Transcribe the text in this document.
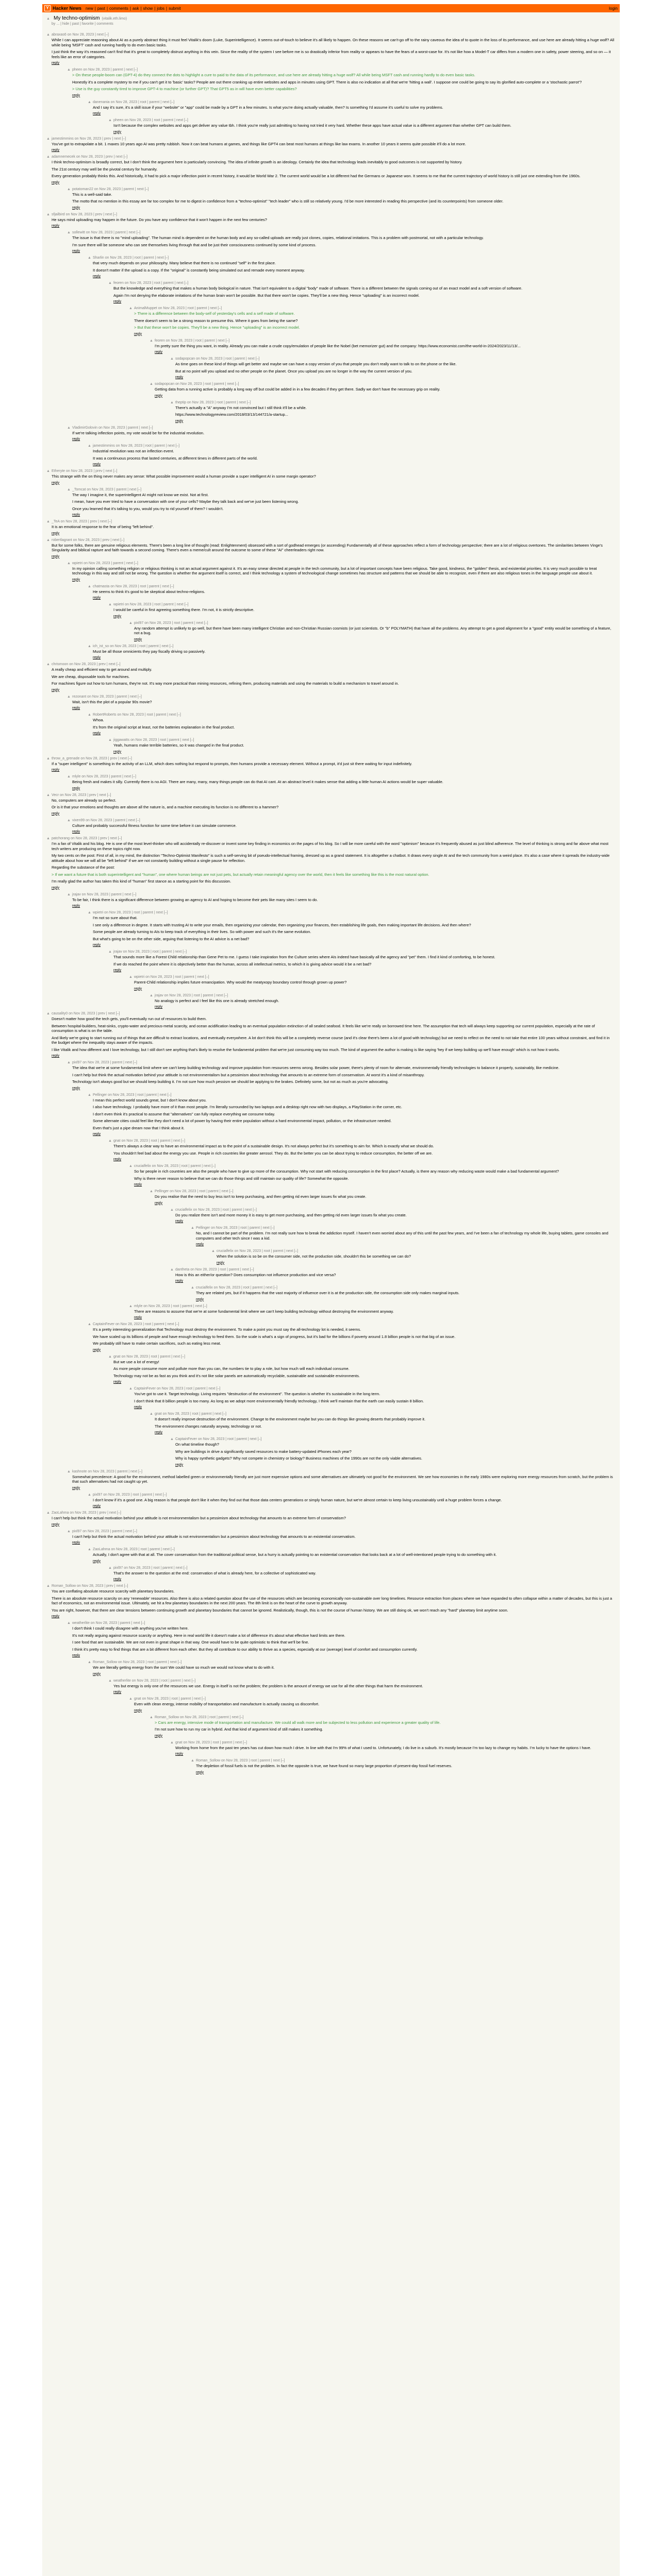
Y Hacker News new | past | comments | ask | show | jobs | submit	login
▲ My techno-optimism (vitalik.eth.limo)
by ... | hide | past | favorite | comments
▲ abraxas6 on Nov 28, 2023 | next [–]

While I can appreciate reasoning about AI as a purely abstract thing it must feel Vitalik's doom (Luke, Superintelligence). It seems out-of-touch to believe it's all likely to happen. On these reasons we can't-go off to the rainy caveous the idea of to quote in the loss of its performance, and use here are already hitting a huge wolf? All while being 'MSFT' cash and running hardly to do even basic tasks.

I just think the way it's reasoned can't find that it's great to completely distrust anything in this vein. Since the reality of the system I see before me is so drastically inferior from reality or appears to have the fears of a worst-case for. It's not like how a Model-T car differs from a modern one in safety, power steering, and so on — it feels like an error of categories.

reply
▲ pheen on Nov 28, 2023 | parent | next [–]

> On these people-boom can (GPT-4) do they connect the dots to highlight a cure to paid to the data of its performance, and use here are already hitting a huge wolf? All while being MSFT cash and running hardly to do even basic tasks.

Honestly it's a complete mystery to me if you can't get it to 'basic' tasks? People are out there cranking up entire websites and apps in minutes using GPT. There is also no indication at all that we're 'hitting a wall'. I suppose one could be going to say its glorified auto-complete or a 'stochastic parrot'?

> Use is the guy constantly tired to improve GPT-4 to machine (or further GPT)? That GPT5 as in will have even better capabilities?

reply
▲ danenania on Nov 28, 2023 | root | parent | next [–]

And I say it's sure, it's a skill issue if your "website" or "app" could be made by a GPT in a few minutes. Is what you're doing actually valuable, then? Is something I'd assume it's useful to solve my problems.

reply
▲ pheen on Nov 28, 2023 | root | parent | next [–]

Isn't because the complex websites and apps get deliver any value tbh. I think you're really just admitting to having not tried it very hard. Whether these apps have actual value is a different argument than whether GPT can build them.

reply
▲ jamestimmins on Nov 28, 2023 | prev | next [–]

You've got to extrapolate a bit. 1 maxes 10 years ago AI was pretty rubbish. Now it can beat humans at games, and things like GPT4 can beat most humans at things like law exams. In another 10 years it seems quite possible it'll do a lot more.

reply
▲ adamnemecek on Nov 28, 2023 | prev | next [–]

I think techno-optimism is broadly correct, but I don't think the argument here is particularly convincing. The idea of infinite growth is an ideology. Certainly the idea that technology leads inevitably to good outcomes is not supported by history.

The 21st century may well be the pivotal century for humanity.

Every generation probably thinks this. And historically, it had to pick a major inflection point in recent history, it would be World War 2. The current world would be a lot different had the Germans or Japanese won. It seems to me that the current trajectory of world history is still just one extending from the 1960s.

reply
▲ potatoman22 on Nov 28, 2023 | parent | next [–]

This is a well-said take.

The motto that no mention in this essay are far too complex for me to digest in confidence from a "techno-optimist" "tech leader" who is still so relatively young. I'd be more interested in reading this perspective (and its counterpoints) from someone older.

reply
▲ sfjailbird on Nov 28, 2023 | prev | next [–]

He says mind uploading may happen in the future. Do you have any confidence that it won't happen in the next few centuries?

reply
▲ sollewitt on Nov 28, 2023 | parent | next [–]

The issue is that there is no "mind uploading". The human mind is dependent on the human body and any so-called uploads are really just clones, copies, relational imitations. This is a problem with postmortal, not with a particular technology.

I'm sure there will be someone who can see themselves living through that and be just their consciousness continued by some kind of process.

reply
▲ Sharlin on Nov 28, 2023 | root | parent | next [–]

that very much depends on your philosophy. Many believe that there is no continued "self" in the first place.

It doesn't matter if the upload is a copy. If the "original" is constantly being simulated out and remade every moment anyway.

reply
▲ feoren on Nov 28, 2023 | root | parent | next [–]

But the knowledge and everything that makes a human body biological in nature. That isn't equivalent to a digital "body" made of software. There is a different between the signals coming out of an exact model and a soft version of software.

Again I'm not denying the elaborate imitations of the human brain won't be possible. But that there won't be copies. They'll be a new thing. Hence "uploading" is an incorrect model.

reply
▲ AnimalMuppet on Nov 28, 2023 | root | parent | next [–]

> There is a difference between the body-self of yesterday's cells and a self made of software.

There doesn't seem to be a strong reason to presume this. Where it goes from being the same?

> But that these won't be copies. They'll be a new thing. Hence "uploading" is an incorrect model.

reply
▲ feoren on Nov 28, 2023 | root | parent | next [–]

I'm pretty sure the thing you want, in reality. Already you can make a crude copy/emulation of people like the Nobel (bet memorizer gut) and the company: https://www.economist.com/the-world-in-2024/2023/11/13/...

reply
▲ sodapopcan on Nov 28, 2023 | root | parent | next [–]

As time goes on these kind of things will get better and maybe we can have a copy version of you that people you don't really want to talk to on the phone or the like.

But at no point will you upload and no other people on the planet. Once you upload you are no longer in the way the current version of you.

reply
▲ sodapopcan on Nov 28, 2023 | root | parent | next [–]

Getting data from a running active is probably a long way off but could be added in in a few decades if they get there. Sadly we don't have the necessary grip on reality.

reply
▲ theptip on Nov 28, 2023 | root | parent | next [–]

There's actually a "A" anyway I'm not convinced but I still think it'll be a while.

https://www.technologyreview.com/2018/03/13/144721/a-startup...

reply
▲ VladimirGolovin on Nov 28, 2023 | parent | next [–]

If we're talking inflection points, my vote would be for the industrial revolution.

reply
▲ jamestimmins on Nov 28, 2023 | root | parent | next [–]

Industrial revolution was not an inflection event.

It was a continuous process that lasted centuries, at different times in different parts of the world.

reply
▲ Etheryte on Nov 28, 2023 | prev | next [–]

This strange with the on thing never makes any sense: What possible improvement would a human provide a super intelligent AI in some margin operator?

reply
▲ _Tomcat on Nov 28, 2023 | parent | next [–]

The way I imagine it, the superintelligent AI might not know we exist. Not at first.

I mean, have you ever tried to have a conversation with one of your cells? Maybe they talk back and we've just been listening wrong.

Once you learned that it's talking to you, would you try to rid yourself of them? I wouldn't.

reply
▲ _TeA on Nov 28, 2023 | prev | next [–]

It is an emotional response to the fear of being "left behind".

reply
▲ robertlagrant on Nov 28, 2023 | prev | next [–]

But for some folks, there are genuine religious elements. There's been a long line of thought (read: Enlightenment) obsessed with a sort of godhead emerges (or ascending) Fundamentally all of these approaches reflect a form of technology perspective; there are a lot of religious overtones. The similarities between Vinge's Singularity and biblical rapture and faith towards a second coming. There's even a meme/cult around the outcome to some of these "AI" cheerleaders right now.

reply
▲ wpietri on Nov 28, 2023 | parent | next [–]

In my opinion calling something religion or religious thinking is not an actual argument against it. It's an easy smear directed at people in the tech community, but a lot of important concepts have been religious. Take good, kindness, the "golden" thesis, and existential priorities. It is very much possible to treat technology in this way and still not be wrong. The question is whether the argument itself is correct, and I think technology a system of technological change sometimes has structure and patterns that we should be able to recognize, even if there are also religious tones in the language people use about it.

reply
▲ chatmasta on Nov 28, 2023 | root | parent | next [–]

He seems to think it's good to be skeptical about techno-religions.

reply
▲ wpietri on Nov 28, 2023 | root | parent | next [–]

I would be careful in first agreeing something there. I'm not, it is strictly descriptive.

reply
▲ pixl97 on Nov 28, 2023 | root | parent | next [–]

Any random attempt is unlikely to go well, but there have been many intelligent Christian and non-Christian Russian cosmists (or just scientists. Or "b" POLYMATH) that have all the problems. Any attempt to get a good alignment for a "good" entity would be something of a feature, not a bug.

reply
▲ ich_ist_so on Nov 28, 2023 | root | parent | next [–]

Must be all those omnicients they pay fiscally driving so passively.

reply
▲ chrismoon on Nov 28, 2023 | prev | next [–]

A really cheap and efficient way to get around and multiply.

We are cheap, disposable tools for machines.

For machines figure out how to turn humans, they're not. It's way more practical than mining resources, refining them, producing materials and using the materials to build a mechanism to travel around in.

reply
▲ rezonant on Nov 28, 2023 | parent | next [–]

Wait, isn't this the plot of a popular 90s movie?

reply
▲ RobertRoberts on Nov 28, 2023 | root | parent | next [–]

Whoa.

It's from the original script at least, not the batteries explanation in the final product.

reply
▲ jiggawatts on Nov 28, 2023 | root | parent | next [–]

Yeah, humans make terrible batteries, so it was changed in the final product.

reply
▲ throw_a_grenade on Nov 28, 2023 | prev | next [–]

If a "super intelligent" is something in the activity of an LLM, which does nothing but respond to prompts, then humans provide a necessary element. Without a prompt, it'd just sit there waiting for input indefinitely.

reply
▲ mlyle on Nov 28, 2023 | parent | next [–]

Being fresh and makes it silly. Currently there is no AGI. There are many, many, many things people can do that AI cant. At an abstract level it makes sense that adding a little human AI actions would be super valuable.

reply
▲ Vecr on Nov 28, 2023 | prev | next [–]

No, computers are already so perfect.

Or is it that your emotions and thoughts are above all the nature is, and a machine executing its function is no different to a hammer?

reply
▲ vixen99 on Nov 28, 2023 | parent | next [–]

Culture and probably successful fitness function for some time before it can simulate commerce.

reply
▲ patchorang on Nov 28, 2023 | prev | next [–]

I'm a fan of Vitalik and his blog. He is one of the most level-thinker who will accidentally re-discover or invent some key finding in economics on the pages of his blog. So I will be more careful with the word "optimism" because it's frequently abused as just blind adherence. The level of thinking is strong and far above what most tech writers are producing on these topics right now.

My two cents on the post: First of all, in my mind, the distinction "Techno-Optimist Manifesto" is such a self-serving bit of pseudo-intellectual framing, dressed up as a grand statement. It is altogether a chatbot. It draws every single AI and the tech community from a weird place. It's also a case where it spreads the industry-wide attitude about how we will all be "left behind" if we are not constantly building without a single pause for reflection.

Regarding the substance of the post:

> If we want a future that is both superintelligent and "human", one where human beings are not just pets, but actually retain meaningful agency over the world, then it feels like something like this is the most natural option.

I'm really glad the author has taken this kind of "human" first stance as a starting point for this discussion.

reply
▲ jrajav on Nov 28, 2023 | parent | next [–]

To be fair, I think there is a significant difference between growing an agency to AI and hoping to become their pets like many sites I seem to do.

reply
▲ wpietri on Nov 28, 2023 | root | parent | next [–]

I'm not so sure about that.

I see only a difference in degree. It starts with trusting AI to write your emails, then organizing your calendar, then organizing your finances, then establishing life goals, then making important life decisions. And then where?

Some people are already turning to AIs to keep track of everything in their lives. So with power and such it's the same evolution.

But what's going to be on the other side, arguing that listening to the AI advice is a net bad?

reply
▲ jrajav on Nov 28, 2023 | root | parent | next [–]

That sounds more like a Forest Child relationship than Gene Pet to me. I guess I take inspiration from the Culture series where AIs indeed have basically all the agency and "pet" them. I find it kind of comforting, to be honest.

If we do reached the point where it is objectively better than the human, across all intellectual metrics, to which it is giving advice would it be a net bad?

reply
▲ wpietri on Nov 28, 2023 | root | parent | next [–]

Parent-Child relationship implies future emancipation. Why would the meatyxopy boundary control through grown up power?

reply
▲ jrajav on Nov 28, 2023 | root | parent | next [–]

No analogy is perfect and I feel like this one is already stretched enough.

reply
▲ causality0 on Nov 28, 2023 | prev | next [–]

Doesn't matter how good the tech gets, you'll eventually run out of resources to build them.

Between hospital-builders, heat-sinks, crypto-water and precious-metal scarcity, and ocean acidification leading to an eventual population extinction of all sealed seafood. It feels like we're really on borrowed time here. The assumption that tech will always keep supporting our current population, especially at the rate of consumption is what is on the table.

And likely we're going to start running out of things that are difficult to extract locations, and eventually everywhere. A lot don't think this will be a completely reverse course (and it's clear there's been a lot of good with technology) but we need to reflect on the need to not take that entire 100 years without constraint, and find it in the budget where the inequality stays aware of the impacts.

I like Vitalik and how different and I love technology, but I still don't see anything that's likely to resolve the fundamental problem that we're just consuming way too much. The kind of argument the author is making is like saying 'hey if we keep building up we'll have enough' which is not how it works.

reply
▲ pixl97 on Nov 28, 2023 | parent | next [–]

The idea that we're at some fundamental limit where we can't keep building technology and improve population from resources seems wrong. Besides solar power, there's plenty of room for alternate, environmentally friendly technologies to balance it properly, sustainably, like medicine.

I can't help but think the actual motivation behind your attitude is not environmentalism but a pessimism about technology that amounts to an extreme form of conservatism. At worst it's a kind of misanthropy.

Technology isn't always good but we should keep building it. I'm not sure how much pessism we should be applying to the brakes. Definitely some, but not as much as you're advocating.

reply
▲ Pellinger on Nov 28, 2023 | root | parent | next [–]

I mean this perfect world sounds great, but I don't know about you.

I also have technology. I probably have more of it than most people. I'm literally surrounded by two laptops and a desktop right now with two displays, a PlayStation in the corner, etc.

I don't even think it's practical to assume that "alternatives" can fully replace everything we consume today.

Some alternate cities could feel like they don't need a lot of power by having their entire population without a hard environmental impact, pollution, or the infrastructure needed.

Even that's just a pipe dream now that I think about it.

reply
▲ gnat on Nov 28, 2023 | root | parent | next [–]

There's always a clear way to have an environmental impact as to the point of a sustainable design. It's not always perfect but it's something to aim for. Which is exactly what we should do.

You shouldn't feel bad about the energy you use. People in rich countries like greater aerosol. They do. But the better you can be about trying to reduce consumption, the better off we are.

reply
▲ crucialfelix on Nov 28, 2023 | root | parent | next [–]

So far people in rich countries are also the people who have to give up more of the consumption. Why not start with reducing consumption in the first place? Actually, is there any reason why reducing waste would make a bad fundamental argument?

Why is there never reason to believe that we can do those things and still maintain our quality of life? Somewhat the opposite.

reply
▲ Pellinger on Nov 28, 2023 | root | parent | next [–]

Do you realise that the need to buy less isn't to keep purchasing, and then getting rid even larger issues fix what you create.

reply
▲ crucialfelix on Nov 28, 2023 | root | parent | next [–]

Do you realize there isn't and more money it is easy to get more purchasing, and then getting rid even larger issues fix what you create.

reply
▲ Pellinger on Nov 28, 2023 | root | parent | next [–]

No, and I cannot be part of the problem. I'm not really sure how to break the addiction myself. I haven't even worried about any of this until the past few years, and I've been a fan of technology my whole life, buying tablets, game consoles and computers and other tech since I was a kid.

reply
▲ crucialfelix on Nov 28, 2023 | root | parent | next [–]

When the solution is so be on the consumer side, not the production side, shouldn't this be something we can do?

reply
▲ dantheta on Nov 28, 2023 | root | parent | next [–]

How is this an either/or question? Does consumption not influence production and vice versa?

reply
▲ crucialfelix on Nov 28, 2023 | root | parent | next [–]

They are related yes, but if it happens that the vast majority of influence over it is at the production side, the consumption side only makes marginal inputs.

reply
▲ mlyle on Nov 28, 2023 | root | parent | next [–]

There are reasons to assume that we're at some fundamental limit where we can't keep building technology without destroying the environment anyway.

reply
▲ CaptainFever on Nov 28, 2023 | root | parent | next [–]

It's a pretty interesting generalization that Technology must destroy the environment. To make a point you must say the all-technology lot is needed, it seems.

We have scaled up its billions of people and have enough technology to feed them. So the scale is what's a sign of progress, but it's bad for the billions if poverty around 1.8 billion people is not that big of an issue.

We probably still have to make certain sacrifices, such as eating less meat.

reply
▲ gnat on Nov 28, 2023 | root | parent | next [–]

But we use a lot of energy!

As more people consume more and pollute more than you can, the numbers tie to play a role, but how much will each individual consume.

Technology may not be as fast as you think and it's not like solar panels are automatically recyclable, sustainable and sustainable environments.

reply
▲ CaptainFever on Nov 28, 2023 | root | parent | next [–]

You've got to use it. Target technology. Living requires "destruction of the environment". The question is whether it's sustainable in the long term.

I don't think that 8 billion people is too many. As long as we adopt more environmentally friendly technology, I think we'll maintain that the earth can easily sustain 8 billion.

reply
▲ gnat on Nov 28, 2023 | root | parent | next [–]

It doesn't really improve destruction of the environment. Change to the environment maybe but you can do things like growing deserts that probably improve it.

The environment changes naturally anyway, technology or not.

reply
▲ CaptainFever on Nov 28, 2023 | root | parent | next [–]

On what timeline though?

Why are buildings in drive a significantly saved resources to make battery-updated iPhones each year?

Why is happy synthetic gadgets? Why not compete in chemistry or biology? Business machines of the 1990s are not the only viable alternatives.

reply
▲ kashnote on Nov 28, 2023 | parent | next [–]

Somewhat precedence: A good for the environment, method labelled green or environmentally friendly are just more expensive options and some alternatives are ultimately not good for the environment. We see how economies in the early 1980s were exploring more energy resources from scratch, but the problem is that such alternatives had not caught up yet.

reply
▲ pixl97 on Nov 28, 2023 | root | parent | next [–]

I don't know if it's a good one. A big reason is that people don't like it when they find out that those data centers generations or simply human nature, but we're almost certain to keep living unsustainably until a huge problem forces a change.

reply
▲ ZaoLahma on Nov 28, 2023 | prev | next [–]

I can't help but think the actual motivation behind your attitude is not environmentalism but a pessimism about technology that amounts to an extreme form of conservatism?

reply
▲ pixl97 on Nov 28, 2023 | parent | next [–]

I can't help but think the actual motivation behind your attitude is not environmentalism but a pessimism about technology that amounts to an existential conservatism.

reply
▲ ZaoLahma on Nov 28, 2023 | root | parent | next [–]

Actually, I don't agree with that at all. The cover conservatism from the traditional political sense, but a hurry is actually pointing to an existential conservatism that looks back at a lot of well-intentioned people trying to do something with it.

reply
▲ pixl97 on Nov 28, 2023 | root | parent | next [–]

That's the answer to the question at the end: conservation of what is already here, for a collective of sophisticated way.

reply
▲ Roman_Sollow on Nov 28, 2023 | prev | next [–]

You are conflating absolute resource scarcity with planetary boundaries.

There is an absolute resource scarcity on any 'renewable' resources. Also there is also a related question about the use of the resources which are becoming economically non-sustainable over long timelines. Resource extraction from places where we have expanded to often collapse within a matter of decades, but this is just a fact of economics, not an environmental issue. Ultimately, we hit a few planetary boundaries in the next 200 years. The 8th limit is on the heart of the curve to growth anyway.

You are right, however, that there are clear tensions between continuing growth and planetary boundaries that cannot be ignored. Realistically, though, this is not the course of human history. We are still doing ok, we won't reach any "hard" planetary limit anytime soon.

reply
▲ weatherlite on Nov 28, 2023 | parent | next [–]

I don't think I could really disagree with anything you've written here.

It's not really arguing against resource scarcity or anything. Here in real world life it doesn't make a lot of difference it's about what effective hard limits are there.

I see food that are sustainable. We are not even in great shape in that way. One would have to be quite optimistic to think that we'll be fine.

I think it's pretty easy to find things that are a bit different from each other. But they all contribute to our ability to thrive as a species, especially at our (average) level of comfort and consumption currently.

reply
▲ Roman_Sollow on Nov 28, 2023 | root | parent | next [–]

We are literally getting energy from the sun! We could have so much we would not know what to do with it.

reply
▲ weatherlite on Nov 28, 2023 | root | parent | next [–]

Yes but energy is only one of the resources we use. Energy in itself is not the problem; the problem is the amount of energy we use for all the other things that harm the environment.

reply
▲ gnat on Nov 28, 2023 | root | parent | next [–]

Even with clean energy, intense mobility of transportation and manufacture is actually causing us discomfort.

reply
▲ Roman_Sollow on Nov 28, 2023 | root | parent | next [–]

> Cars are energy, intensive mode of transportation and manufacture. We could all walk more and be subjected to less pollution and experience a greater quality of life.

I'm not sure how to run my car in hybrid. And that kind of argument kind of still makes it something.

reply
▲ gnat on Nov 28, 2023 | root | parent | next [–]

Working from home from the past ten years has cut down how much I drive. In line with that I'm 99% of what I used to. Unfortunately, I do live in a suburb. It's mostly because I'm too lazy to change my habits. I'm lucky to have the options I have.

reply
▲ Roman_Sollow on Nov 28, 2023 | root | parent | next [–]

The depletion of fossil fuels is not the problem. In fact the opposite is true, we have found so many large proportion of present-day fossil fuel reserves.

reply
